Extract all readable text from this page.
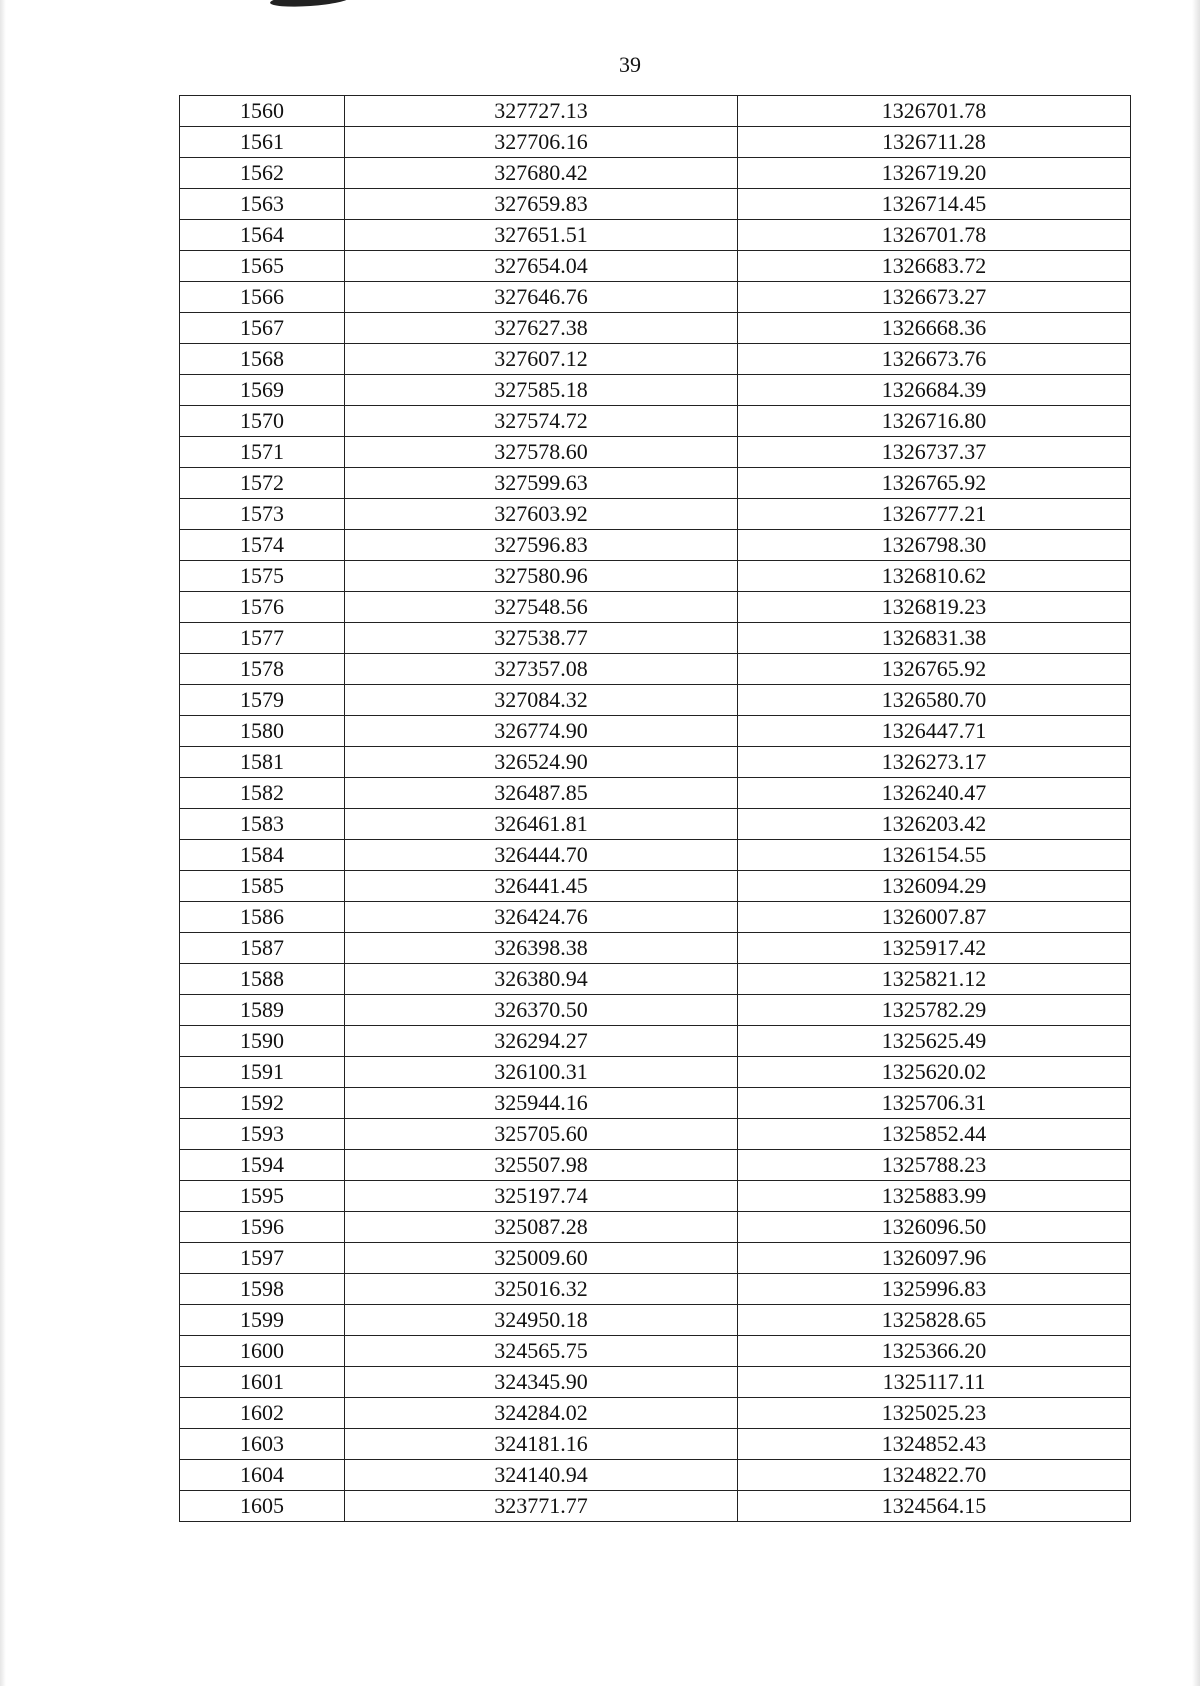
39
1560	327727.13	1326701.78
1561	327706.16	1326711.28
1562	327680.42	1326719.20
1563	327659.83	1326714.45
1564	327651.51	1326701.78
1565	327654.04	1326683.72
1566	327646.76	1326673.27
1567	327627.38	1326668.36
1568	327607.12	1326673.76
1569	327585.18	1326684.39
1570	327574.72	1326716.80
1571	327578.60	1326737.37
1572	327599.63	1326765.92
1573	327603.92	1326777.21
1574	327596.83	1326798.30
1575	327580.96	1326810.62
1576	327548.56	1326819.23
1577	327538.77	1326831.38
1578	327357.08	1326765.92
1579	327084.32	1326580.70
1580	326774.90	1326447.71
1581	326524.90	1326273.17
1582	326487.85	1326240.47
1583	326461.81	1326203.42
1584	326444.70	1326154.55
1585	326441.45	1326094.29
1586	326424.76	1326007.87
1587	326398.38	1325917.42
1588	326380.94	1325821.12
1589	326370.50	1325782.29
1590	326294.27	1325625.49
1591	326100.31	1325620.02
1592	325944.16	1325706.31
1593	325705.60	1325852.44
1594	325507.98	1325788.23
1595	325197.74	1325883.99
1596	325087.28	1326096.50
1597	325009.60	1326097.96
1598	325016.32	1325996.83
1599	324950.18	1325828.65
1600	324565.75	1325366.20
1601	324345.90	1325117.11
1602	324284.02	1325025.23
1603	324181.16	1324852.43
1604	324140.94	1324822.70
1605	323771.77	1324564.15
